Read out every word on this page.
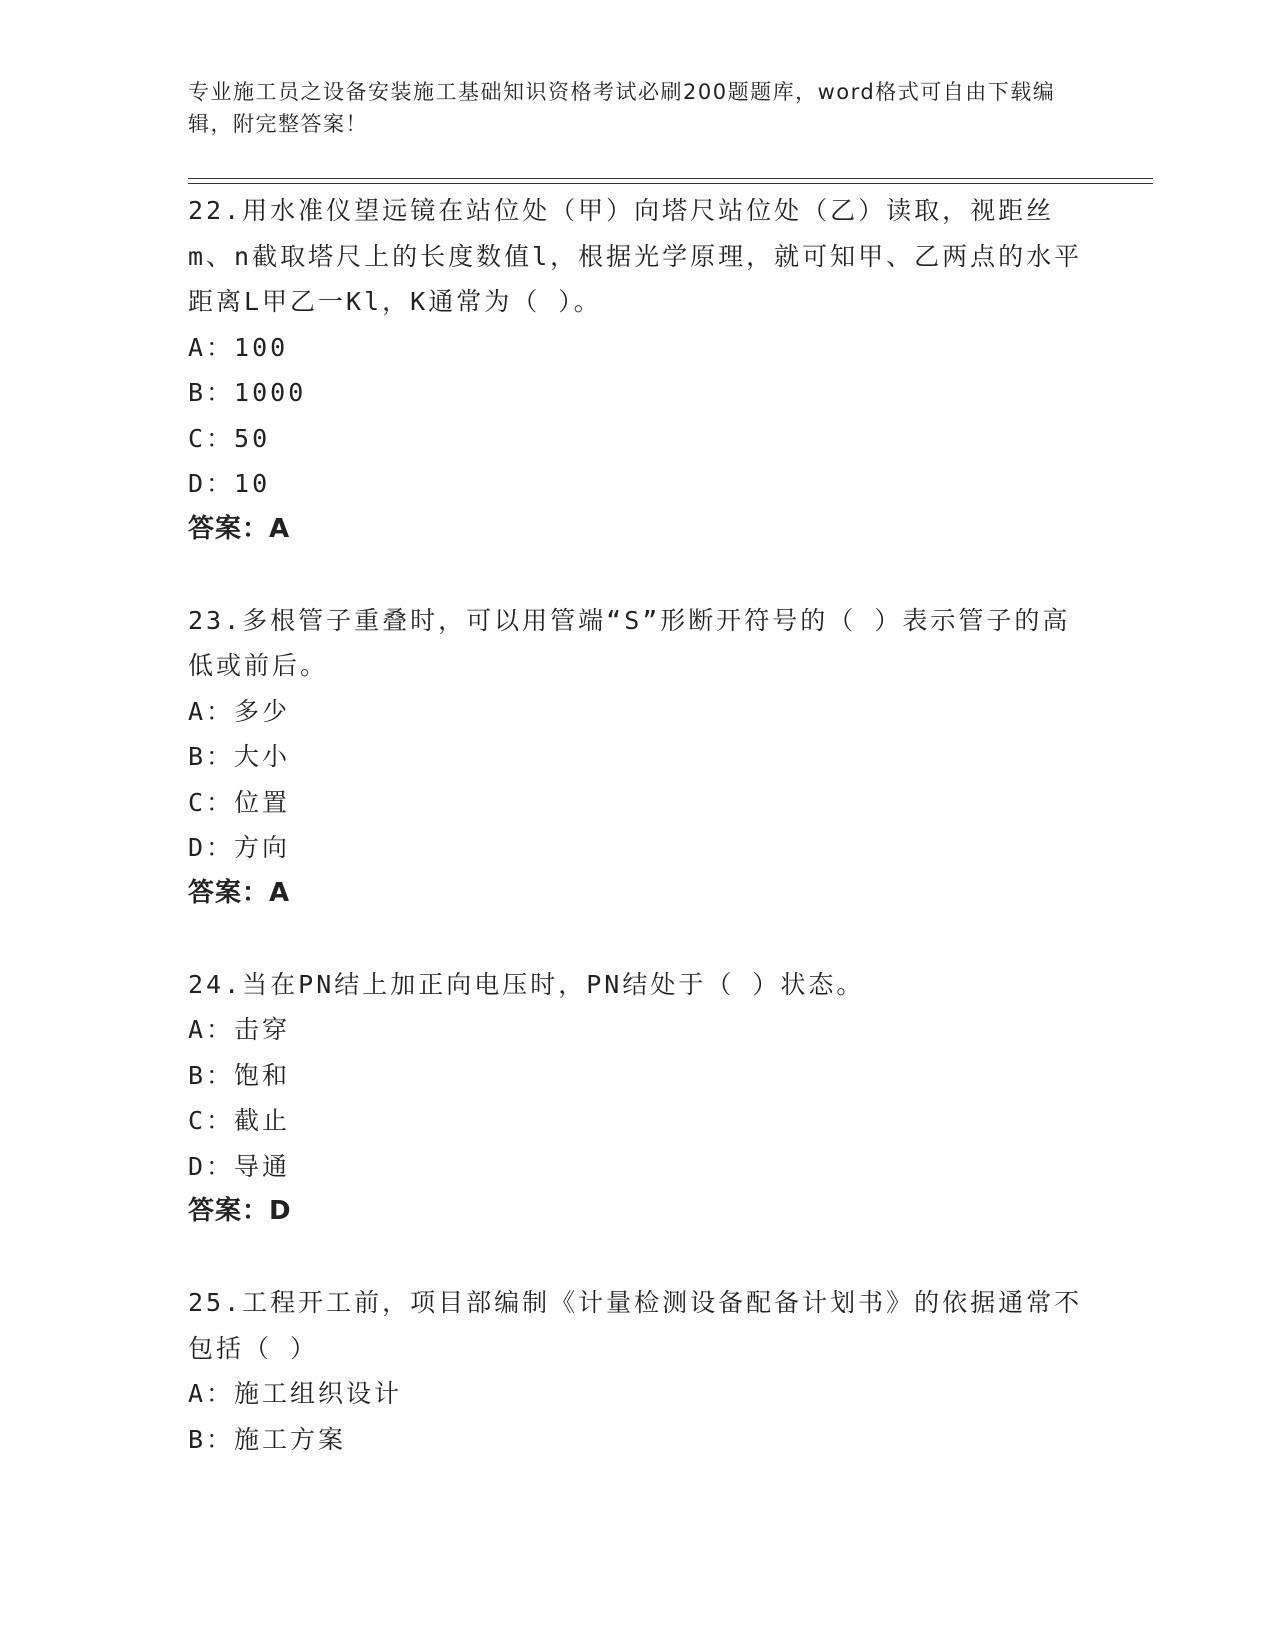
专业施工员之设备安装施工基础知识资格考试必刷200题题库，word格式可自由下载编辑，附完整答案！
22.用水准仪望远镜在站位处（甲）向塔尺站位处（乙）读取，视距丝m、n截取塔尺上的长度数值l，根据光学原理，就可知甲、乙两点的水平距离L甲乙一Kl，K通常为（ ）。
A：100
B：1000
C：50
D：10
答案：A
23.多根管子重叠时，可以用管端“S”形断开符号的（ ）表示管子的高低或前后。
A：多少
B：大小
C：位置
D：方向
答案：A
24.当在PN结上加正向电压时，PN结处于（ ）状态。
A：击穿
B：饱和
C：截止
D：导通
答案：D
25.工程开工前，项目部编制《计量检测设备配备计划书》的依据通常不包括（ ）
A：施工组织设计
B：施工方案
